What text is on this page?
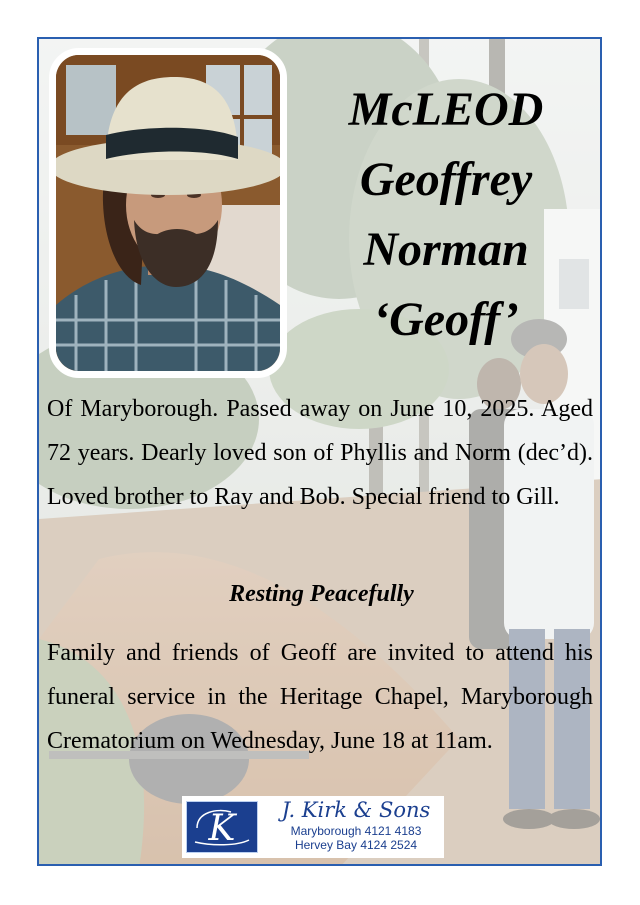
McLEOD
Geoffrey
Norman
‘Geoff’
Of Maryborough. Passed away on June 10, 2025. Aged 72 years. Dearly loved son of Phyllis and Norm (dec’d). Loved brother to Ray and Bob. Special friend to Gill.
Resting Peacefully
Family and friends of Geoff are invited to attend his funeral service in the Heritage Chapel, Maryborough Crematorium on Wednesday, June 18 at 11am.
K	J. Kirk & Sons
Maryborough 4121 4183
Hervey Bay 4124 2524
